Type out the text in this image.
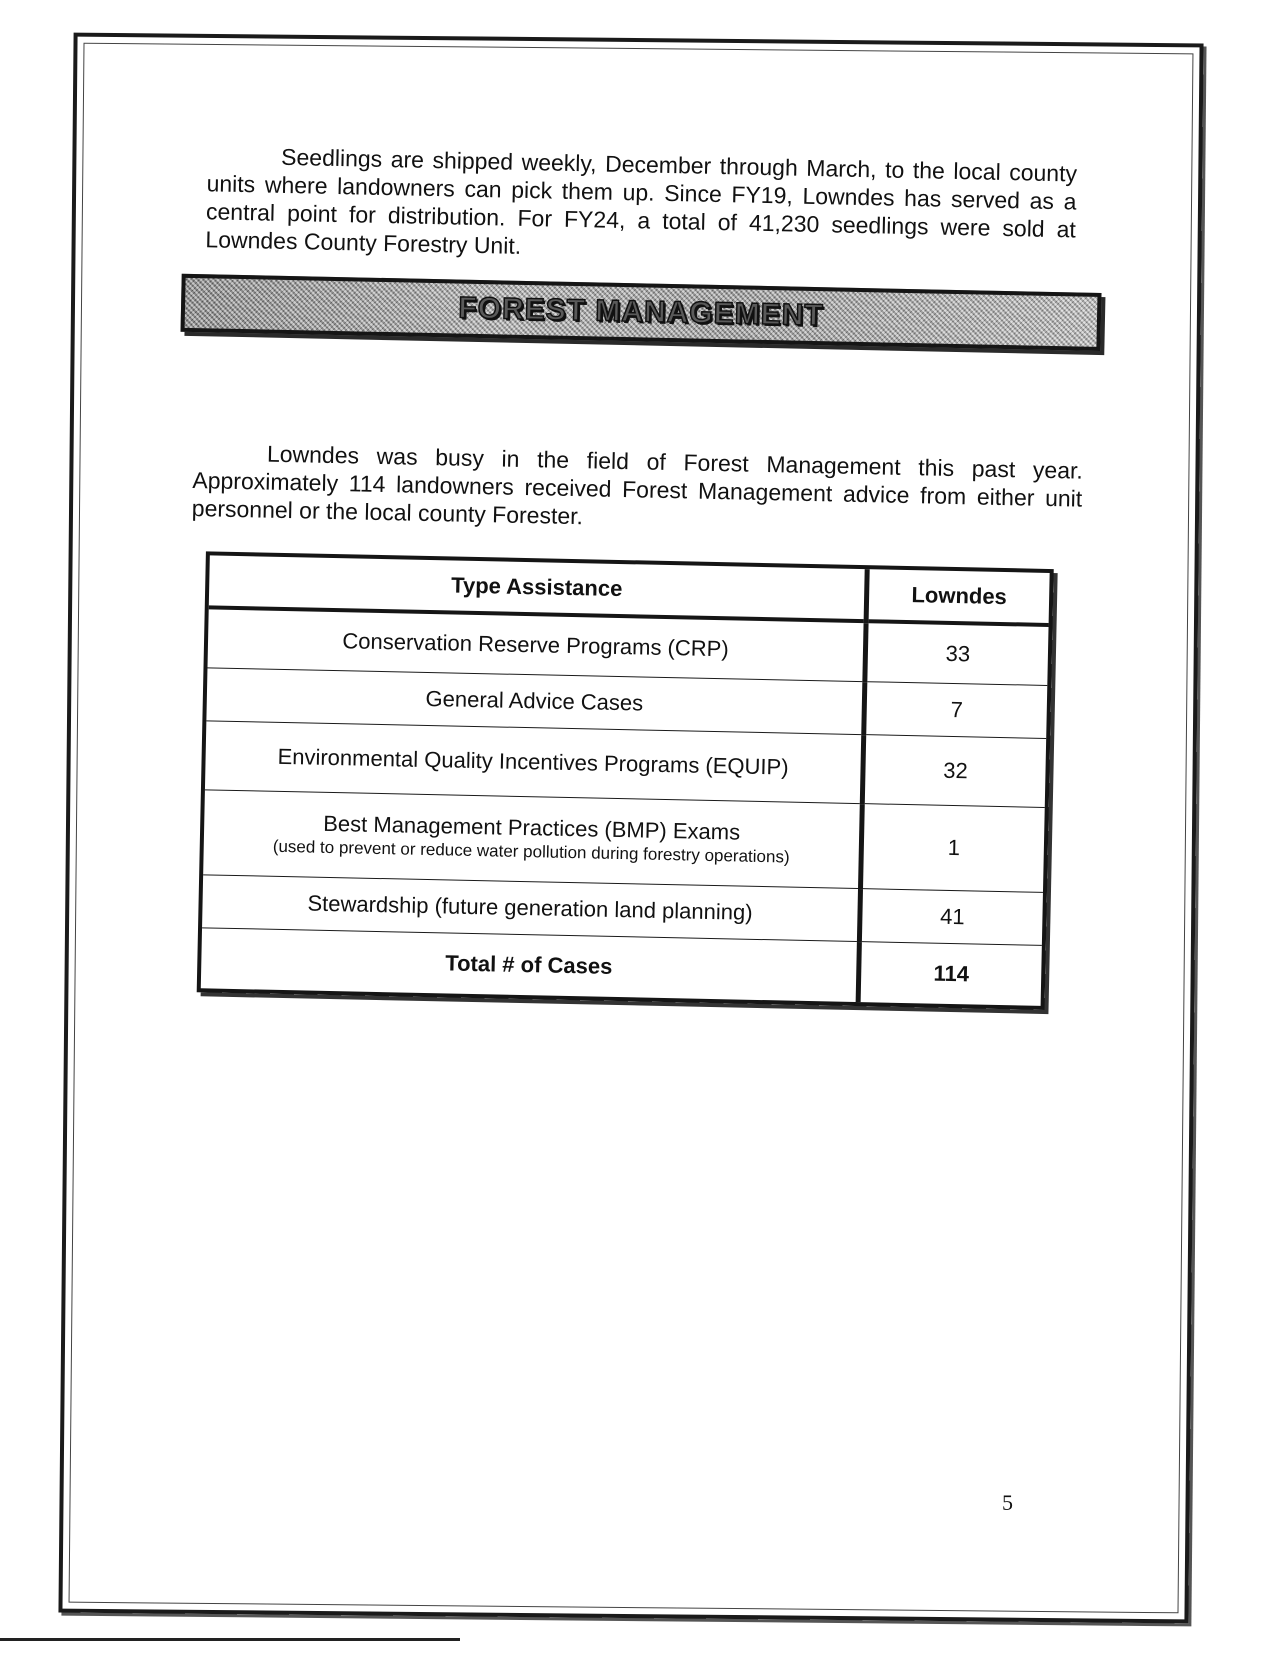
Seedlings are shipped weekly, December through March, to the local county units where landowners can pick them up. Since FY19, Lowndes has served as a central point for distribution. For FY24, a total of 41,230 seedlings were sold at Lowndes County Forestry Unit.

FOREST MANAGEMENT

Lowndes was busy in the field of Forest Management this past year. Approximately 114 landowners received Forest Management advice from either unit personnel or the local county Forester.

Type Assistance	Lowndes
Conservation Reserve Programs (CRP)	33
General Advice Cases	7
Environmental Quality Incentives Programs (EQUIP)	32

Best Management Practices (BMP) Exams
(used to prevent or reduce water pollution during forestry operations)	1
Stewardship (future generation land planning)	41
Total # of Cases	114
5
